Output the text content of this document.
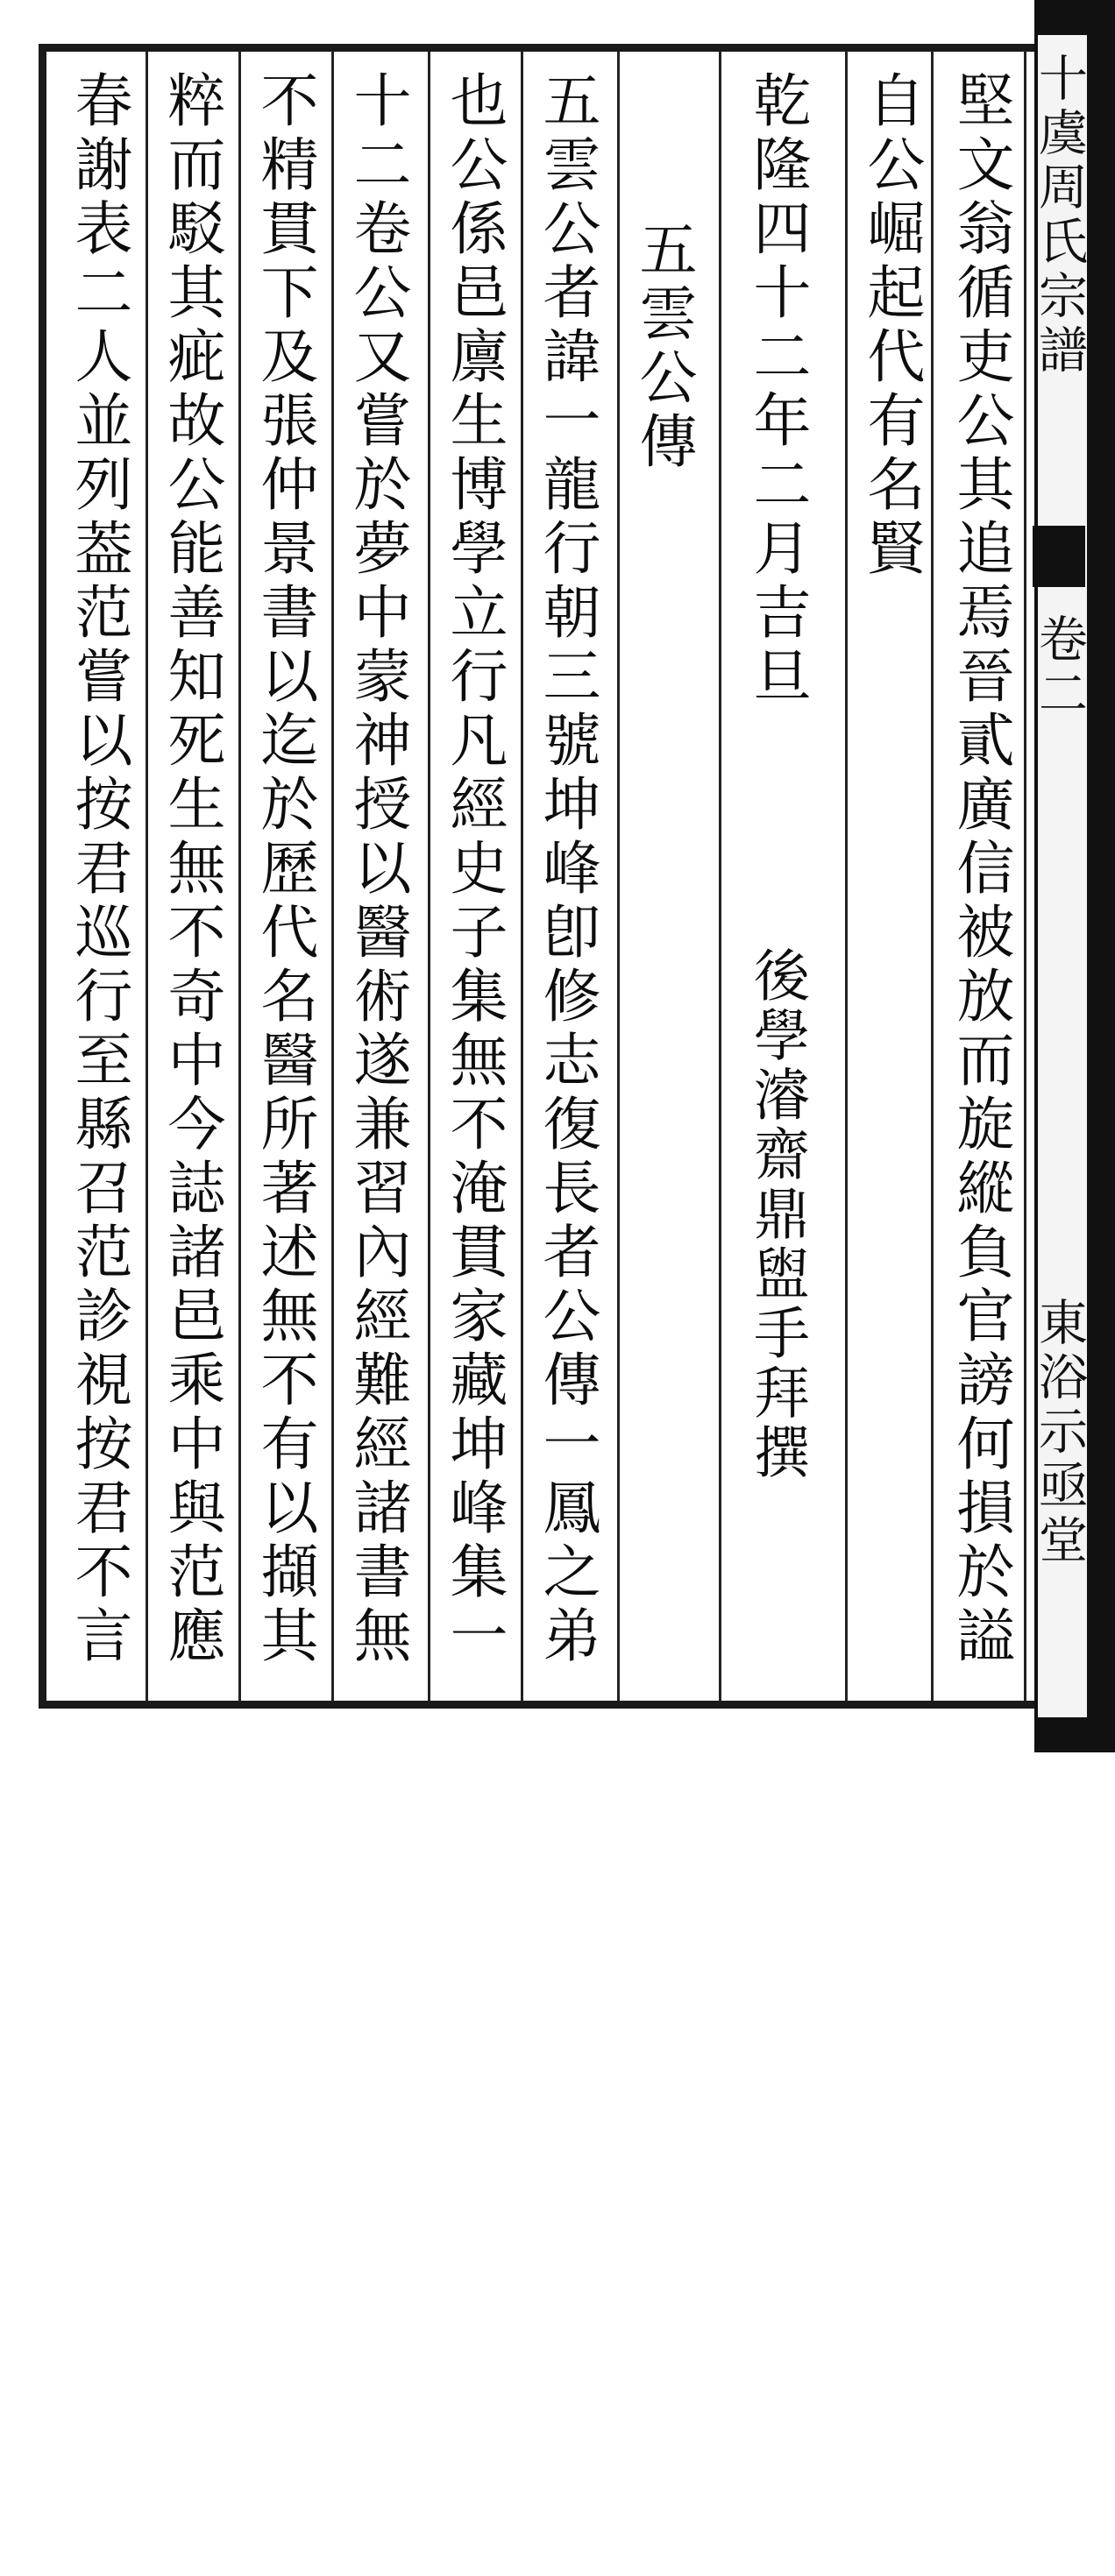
十虞周氏宗譜
卷二
東浴示亟堂
堅文翁循吏公其追焉晉貳廣信被放而旋縱負官謗何損於謚
自公崛起代有名賢
乾隆四十二年二月吉旦
後學濬齋鼎盥手拜撰
五雲公傳
五雲公者諱一龍行朝三號坤峰卽修志復長者公傳一鳳之弟
也公係邑廪生博學立行凡經史子集無不淹貫家藏坤峰集一
十二卷公又嘗於夢中蒙神授以醫術遂兼習內經難經諸書無
不精貫下及張仲景書以迄於歷代名醫所著述無不有以擷其
粹而駁其疵故公能善知死生無不奇中今誌諸邑乘中與范應
春謝表二人並列葢范嘗以按君巡行至縣召范診視按君不言
